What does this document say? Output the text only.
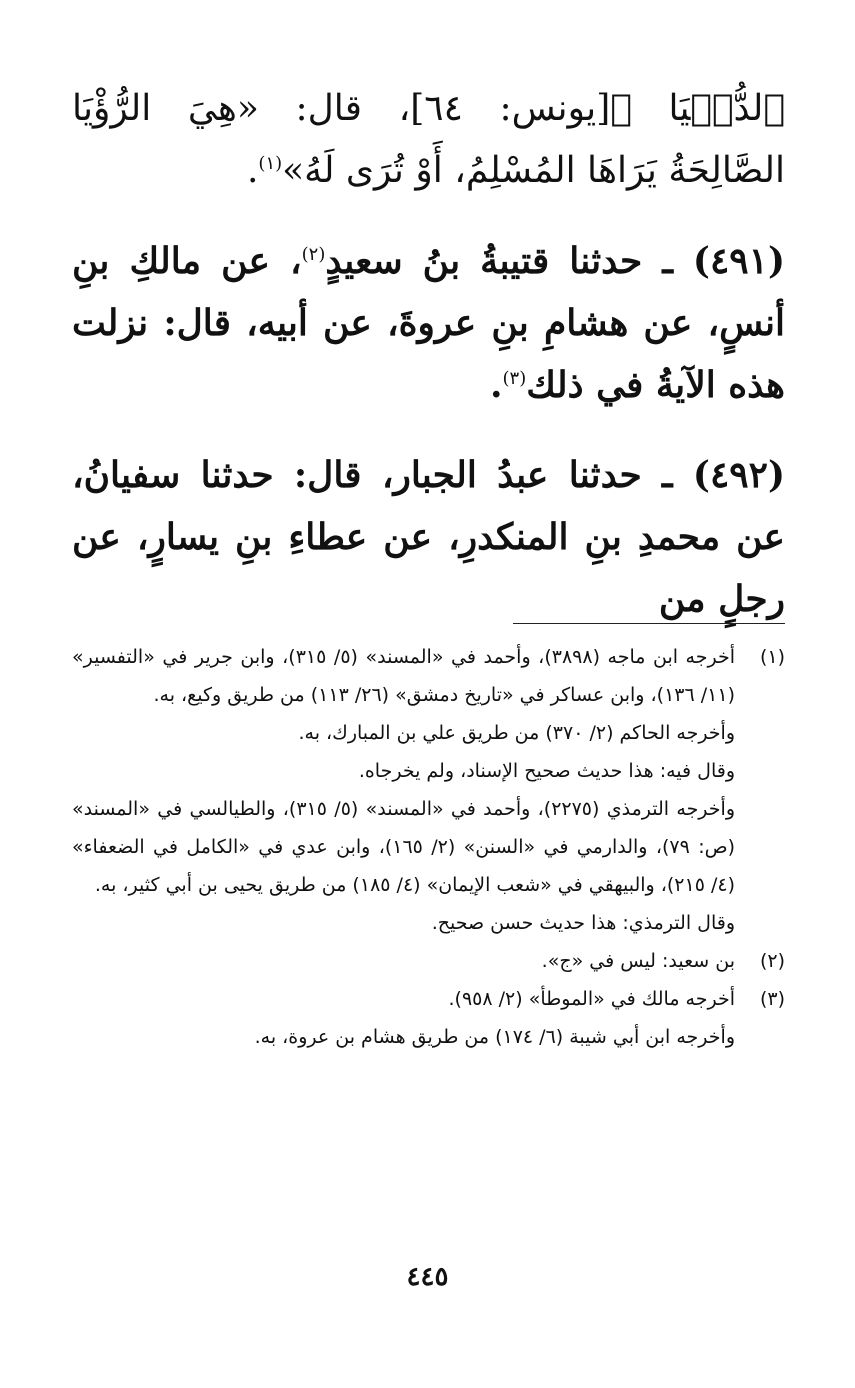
ٱلدُّنۡيَا ﴾[يونس: ٦٤]، قال: «هِيَ الرُّؤْيَا الصَّالِحَةُ يَرَاهَا المُسْلِمُ، أَوْ تُرَى لَهُ»$^{(١)}$.

(٤٩١) ـ حدثنا قتيبةُ بنُ سعيدٍ$^{(٢)}$، عن مالكِ بنِ أنسٍ، عن هشامِ بنِ عروةَ، عن أبيه، قال: نزلت هذه الآيةُ في ذلك$^{(٣)}$.

(٤٩٢) ـ حدثنا عبدُ الجبار، قال: حدثنا سفيانُ، عن محمدِ بنِ المنكدرِ، عن عطاءِ بنِ يسارٍ، عن رجلٍ من

(١)

أخرجه ابن ماجه (٣٨٩٨)، وأحمد في «المسند» (٥/ ٣١٥)، وابن جرير في «التفسير» (١١/ ١٣٦)، وابن عساكر في «تاريخ دمشق» (٢٦/ ١١٣) من طريق وكيع، به.

وأخرجه الحاكم (٢/ ٣٧٠) من طريق علي بن المبارك، به.

وقال فيه: هذا حديث صحيح الإسناد، ولم يخرجاه.

وأخرجه الترمذي (٢٢٧٥)، وأحمد في «المسند» (٥/ ٣١٥)، والطيالسي في «المسند» (ص: ٧٩)، والدارمي في «السنن» (٢/ ١٦٥)، وابن عدي في «الكامل في الضعفاء» (٤/ ٢١٥)، والبيهقي في «شعب الإيمان» (٤/ ١٨٥) من طريق يحيى بن أبي كثير، به.

وقال الترمذي: هذا حديث حسن صحيح.

(٢)

بن سعيد: ليس في «ج».

(٣)

أخرجه مالك في «الموطأ» (٢/ ٩٥٨).

وأخرجه ابن أبي شيبة (٦/ ١٧٤) من طريق هشام بن عروة، به.

٤٤٥
